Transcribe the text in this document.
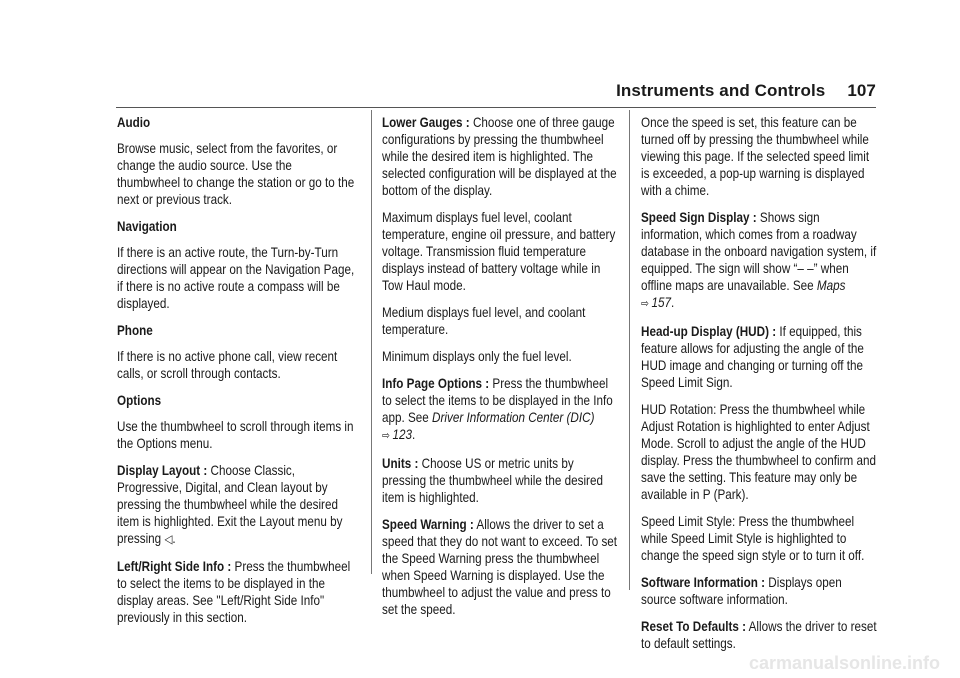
Instruments and Controls 107

Audio

Browse music, select from the favorites, or change the audio source. Use the thumbwheel to change the station or go to the next or previous track.

Navigation

If there is an active route, the Turn-by-Turn directions will appear on the Navigation Page, if there is no active route a compass will be displayed.

Phone

If there is no active phone call, view recent calls, or scroll through contacts.

Options

Use the thumbwheel to scroll through items in the Options menu.

Display Layout : Choose Classic, Progressive, Digital, and Clean layout by pressing the thumbwheel while the desired item is highlighted. Exit the Layout menu by pressing ◁.

Left/Right Side Info : Press the thumbwheel to select the items to be displayed in the display areas. See "Left/Right Side Info" previously in this section.

Lower Gauges : Choose one of three gauge configurations by pressing the thumbwheel while the desired item is highlighted. The selected configuration will be displayed at the bottom of the display.

Maximum displays fuel level, coolant temperature, engine oil pressure, and battery voltage. Transmission fluid temperature displays instead of battery voltage while in Tow Haul mode.

Medium displays fuel level, and coolant temperature.

Minimum displays only the fuel level.

Info Page Options : Press the thumbwheel to select the items to be displayed in the Info app. See Driver Information Center (DIC)
⇨ 123.

Units : Choose US or metric units by pressing the thumbwheel while the desired item is highlighted.

Speed Warning : Allows the driver to set a speed that they do not want to exceed. To set the Speed Warning press the thumbwheel when Speed Warning is displayed. Use the thumbwheel to adjust the value and press to set the speed.

Once the speed is set, this feature can be turned off by pressing the thumbwheel while viewing this page. If the selected speed limit is exceeded, a pop-up warning is displayed with a chime.

Speed Sign Display : Shows sign information, which comes from a roadway database in the onboard navigation system, if equipped. The sign will show “– –” when offline maps are unavailable. See Maps
⇨ 157.

Head-up Display (HUD) : If equipped, this feature allows for adjusting the angle of the HUD image and changing or turning off the Speed Limit Sign.

HUD Rotation: Press the thumbwheel while Adjust Rotation is highlighted to enter Adjust Mode. Scroll to adjust the angle of the HUD display. Press the thumbwheel to confirm and save the setting. This feature may only be available in P (Park).

Speed Limit Style: Press the thumbwheel while Speed Limit Style is highlighted to change the speed sign style or to turn it off.

Software Information : Displays open source software information.

Reset To Defaults : Allows the driver to reset to default settings.

carmanualsonline.info
